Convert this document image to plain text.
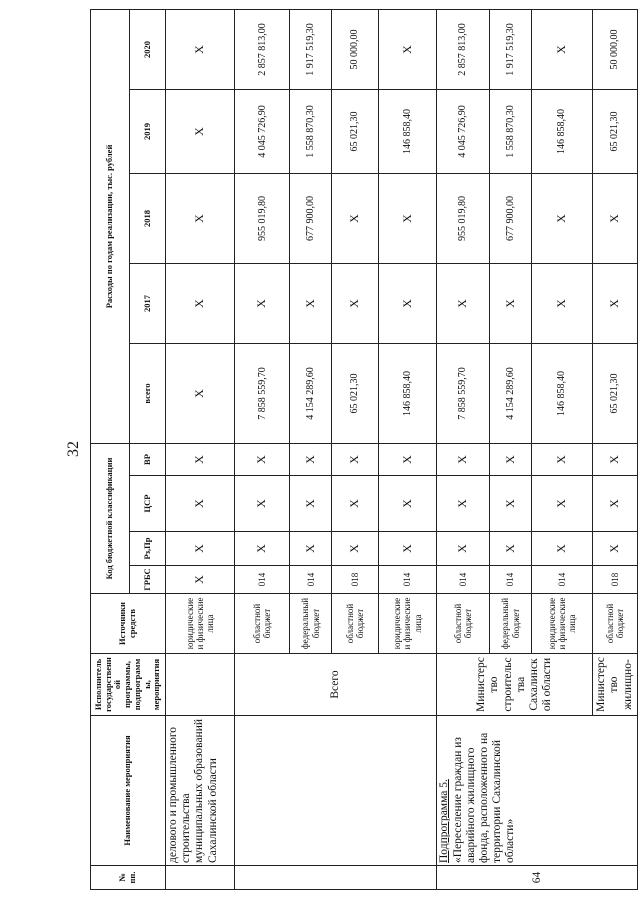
32
№ пп.	Наименование мероприятия	Исполнитель государственной программы, подпрограммы, мероприятия	Источники средств	Код бюджетной классификации				Расходы по годам реализации, тыс. рублей				
				ГРБС	Рз,Пр	ЦСР	ВР	всего	2017	2018	2019	2020
	делового и промышленного строительства муниципальных образований Сахалинской области		юридические и физические лица	X	X	X	X	X	X	X	X	X
		Всего	областной бюджет	014	X	X	X	7 858 559,70	X	955 019,80	4 045 726,90	2 857 813,00
			федеральный бюджет	014	X	X	X	4 154 289,60	X	677 900,00	1 558 870,30	1 917 519,30
			областной бюджет	018	X	X	X	65 021,30	X	X	65 021,30	50 000,00
			юридические и физические лица	014	X	X	X	146 858,40	X	X	146 858,40	X
64	Подпрограмма 5.
«Переселение граждан из аварийного жилищного фонда, расположенного на территории Сахалинской области»	Министерство строительства Сахалинской области	областной бюджет	014	X	X	X	7 858 559,70	X	955 019,80	4 045 726,90	2 857 813,00
			федеральный бюджет	014	X	X	X	4 154 289,60	X	677 900,00	1 558 870,30	1 917 519,30
			юридические и физические лица	014	X	X	X	146 858,40	X	X	146 858,40	X
		Министерство жилищно-	областной бюджет	018	X	X	X	65 021,30	X	X	65 021,30	50 000,00
